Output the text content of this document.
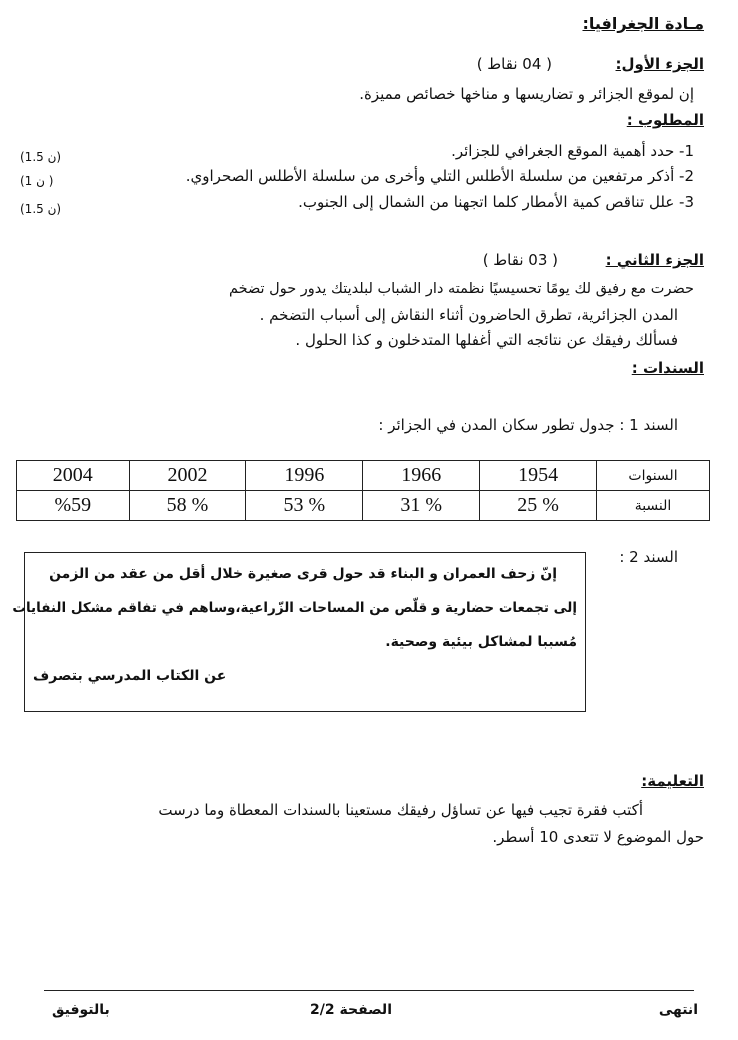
مـادة الجغرافيا:
الجزء الأول:
( 04 نقاط )
إن لموقع الجزائر و تضاريسها و مناخها خصائص مميزة.
المطلوب :
1- حدد أهمية الموقع الجغرافي للجزائر.
(1.5 ن)
2- أذكر مرتفعين من سلسلة الأطلس التلي وأخرى من سلسلة الأطلس الصحراوي.
(1 ن )
3- علل تناقص كمية الأمطار كلما اتجهنا من الشمال إلى الجنوب.
(1.5 ن)
الجزء الثاني :
( 03 نقاط )
حضرت مع رفيق لك يومًا تحسيسيًا نظمته دار الشباب لبلديتك يدور حول تضخم
المدن الجزائرية، تطرق الحاضرون أثناء النقاش إلى أسباب التضخم .
فسألك رفيقك عن نتائجه التي أغفلها المتدخلون و كذا الحلول .
السندات :
السند 1 : جدول تطور سكان المدن في الجزائر :
السنوات	1954	1966	1996	2002	2004
النسبة	% 25	% 31	% 53	% 58	%59
السند 2 :
إنّ زحف العمران و البناء قد حول قرى صغيرة خلال أقل من عقد من الزمن
إلى تجمعات حضارية و قلّص من المساحات الزّراعية،وساهم في تفاقم مشكل النفايات
مُسببا لمشاكل بيئية وصحية.
عن الكتاب المدرسي بتصرف
التعليمة:
أكتب فقرة تجيب فيها عن تساؤل رفيقك مستعينا بالسندات المعطاة وما درست
حول الموضوع لا تتعدى 10 أسطر.
انتهى
الصفحة 2/2
بالتوفيق
